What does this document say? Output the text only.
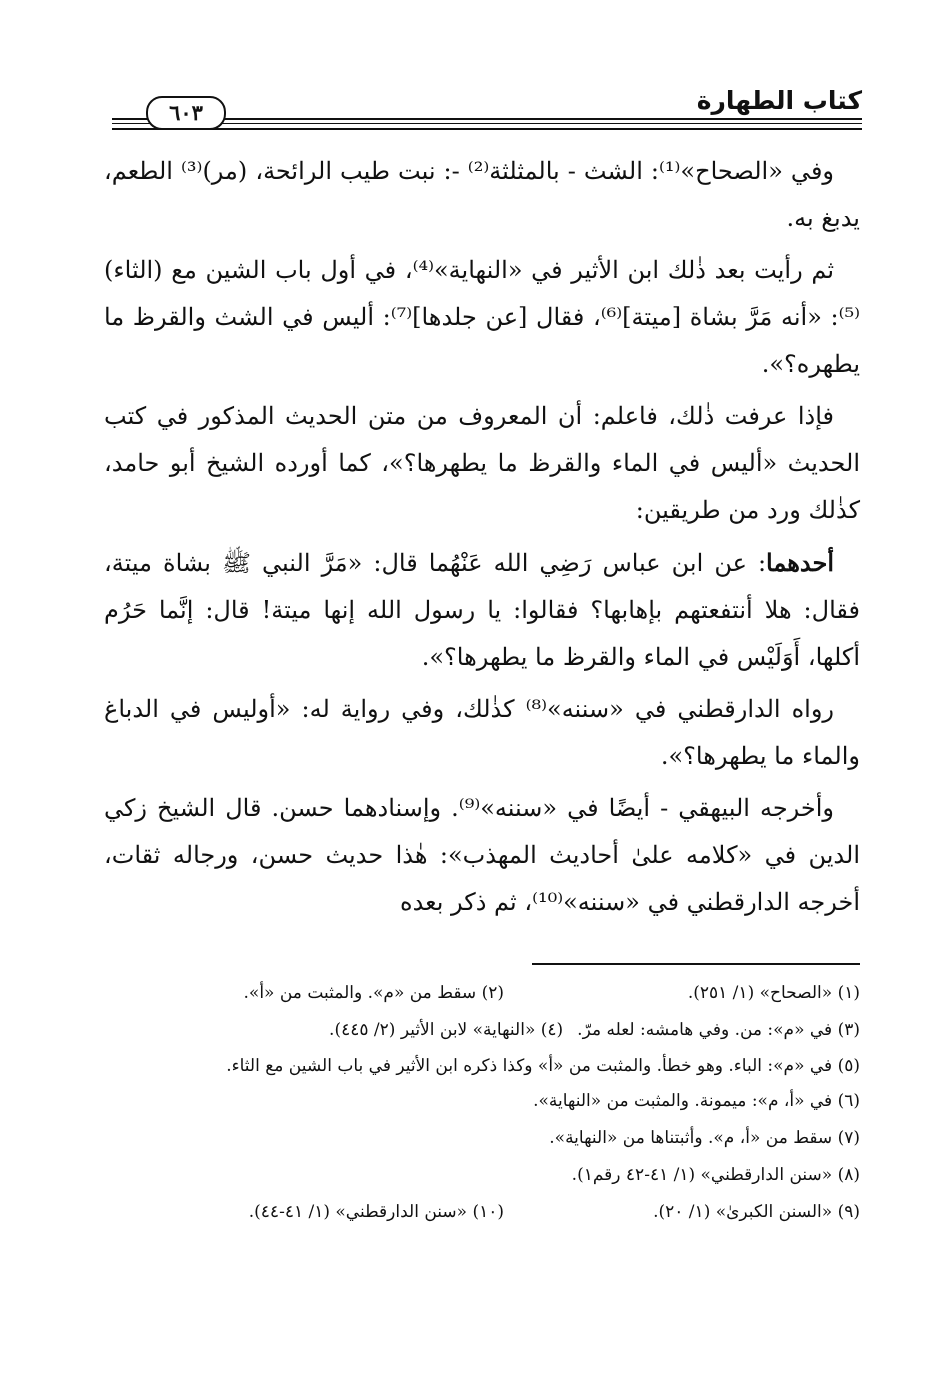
كتاب الطهارة
٦٠٣

وفي «الصحاح»⁽¹⁾: الشث - بالمثلثة⁽²⁾ -: نبت طيب الرائحة، (مر)⁽³⁾ الطعم، يدبغ به.

ثم رأيت بعد ذٰلك ابن الأثير في «النهاية»⁽⁴⁾، في أول باب الشين مع (الثاء)⁽⁵⁾: «أنه مَرَّ بشاة [ميتة]⁽⁶⁾، فقال [عن جلدها]⁽⁷⁾: أليس في الشث والقرظ ما يطهره؟».

فإذا عرفت ذٰلك، فاعلم: أن المعروف من متن الحديث المذكور في كتب الحديث «أليس في الماء والقرظ ما يطهرها؟»، كما أورده الشيخ أبو حامد، كذٰلك ورد من طريقين:

أحدهما: عن ابن عباس رَضِي الله عَنْهُما قال: «مَرَّ النبي ﷺ بشاة ميتة، فقال: هلا أنتفعتهم بإهابها؟ فقالوا: يا رسول الله إنها ميتة! قال: إنَّما حَرُم أكلها، أَوَلَيْس في الماء والقرظ ما يطهرها؟».

رواه الدارقطني في «سننه»⁽⁸⁾ كذٰلك، وفي رواية له: «أوليس في الدباغ والماء ما يطهرها؟».

وأخرجه البيهقي - أيضًا في «سننه»⁽⁹⁾. وإسنادهما حسن. قال الشيخ زكي الدين في «كلامه علىٰ أحاديث المهذب»: هٰذا حديث حسن، ورجاله ثقات، أخرجه الدارقطني في «سننه»⁽¹⁰⁾، ثم ذكر بعده

(١) «الصحاح» (١/ ٢٥١).
(٢) سقط من «م». والمثبت من «أ».
(٣) في «م»: من. وفي هامشه: لعله مرّ.
(٤) «النهاية» لابن الأثير (٢/ ٤٤٥).
(٥) في «م»: الباء. وهو خطأ. والمثبت من «أ» وكذا ذكره ابن الأثير في باب الشين مع الثاء.
(٦) في «أ، م»: ميمونة. والمثبت من «النهاية».
(٧) سقط من «أ، م». وأثبتناها من «النهاية».
(٨) «سنن الدارقطني» (١/ ٤١-٤٢ رقم١).
(٩) «السنن الكبرىٰ» (١/ ٢٠).
(١٠) «سنن الدارقطني» (١/ ٤١-٤٤).
